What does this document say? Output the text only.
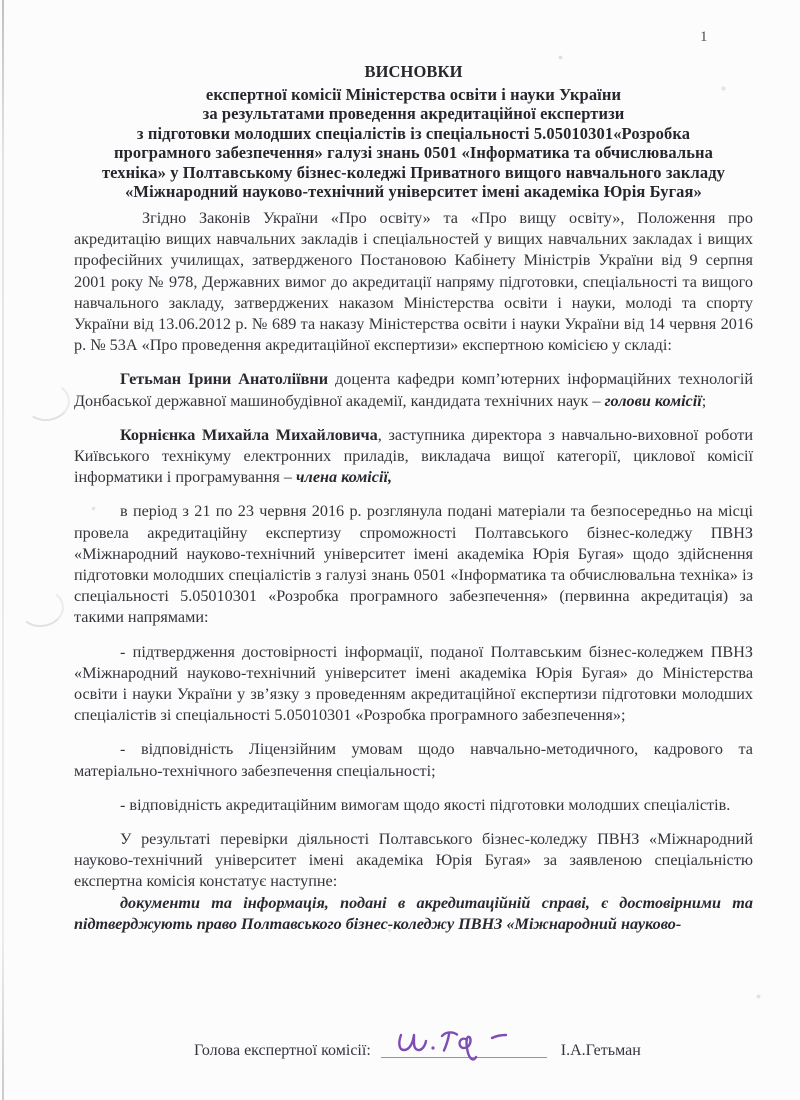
1
ВИСНОВКИ
експертної комісії Міністерства освіти і науки України
за результатами проведення акредитаційної експертизи
з підготовки молодших спеціалістів із спеціальності 5.05010301«Розробка
програмного забезпечення» галузі знань 0501 «Інформатика та обчислювальна
техніка» у Полтавському бізнес-коледжі Приватного вищого навчального закладу
«Міжнародний науково-технічний університет імені академіка Юрія Бугая»

Згідно Законів України «Про освіту» та «Про вищу освіту», Положення про акредитацію вищих навчальних закладів і спеціальностей у вищих навчальних закладах і вищих професійних училищах, затвердженого Постановою Кабінету Міністрів України від 9 серпня 2001 року № 978, Державних вимог до акредитації напряму підготовки, спеціальності та вищого навчального закладу, затверджених наказом Міністерства освіти і науки, молоді та спорту України від 13.06.2012 р. № 689 та наказу Міністерства освіти і науки України від 14 червня 2016 р. № 53А «Про проведення акредитаційної експертизи» експертною комісією у складі:

Гетьман Ірини Анатоліївни доцента кафедри комп’ютерних інформаційних технологій Донбаської державної машинобудівної академії, кандидата технічних наук – голови комісії;

Корнієнка Михайла Михайловича, заступника директора з навчально-виховної роботи Київського технікуму електронних приладів, викладача вищої категорії, циклової комісії інформатики і програмування – члена комісії,

в період з 21 по 23 червня 2016 р. розглянула подані матеріали та безпосередньо на місці провела акредитаційну експертизу спроможності Полтавського бізнес-коледжу ПВНЗ «Міжнародний науково-технічний університет імені академіка Юрія Бугая» щодо здійснення підготовки молодших спеціалістів з галузі знань 0501 «Інформатика та обчислювальна техніка» із спеціальності 5.05010301 «Розробка програмного забезпечення» (первинна акредитація) за такими напрямами:

- підтвердження достовірності інформації, поданої Полтавським бізнес-коледжем ПВНЗ «Міжнародний науково-технічний університет імені академіка Юрія Бугая» до Міністерства освіти і науки України у зв’язку з проведенням акредитаційної експертизи підготовки молодших спеціалістів зі спеціальності 5.05010301 «Розробка програмного забезпечення»;

- відповідність Ліцензійним умовам щодо навчально-методичного, кадрового та матеріально-технічного забезпечення спеціальності;

- відповідність акредитаційним вимогам щодо якості підготовки молодших спеціалістів.

У результаті перевірки діяльності Полтавського бізнес-коледжу ПВНЗ «Міжнародний науково-технічний університет імені академіка Юрія Бугая» за заявленою спеціальністю експертна комісія констатує наступне:

документи та інформація, подані в акредитаційній справі, є достовірними та підтверджують право Полтавського бізнес-коледжу ПВНЗ «Міжнародний науково-

Голова експертної комісії:	І.А.Гетьман
